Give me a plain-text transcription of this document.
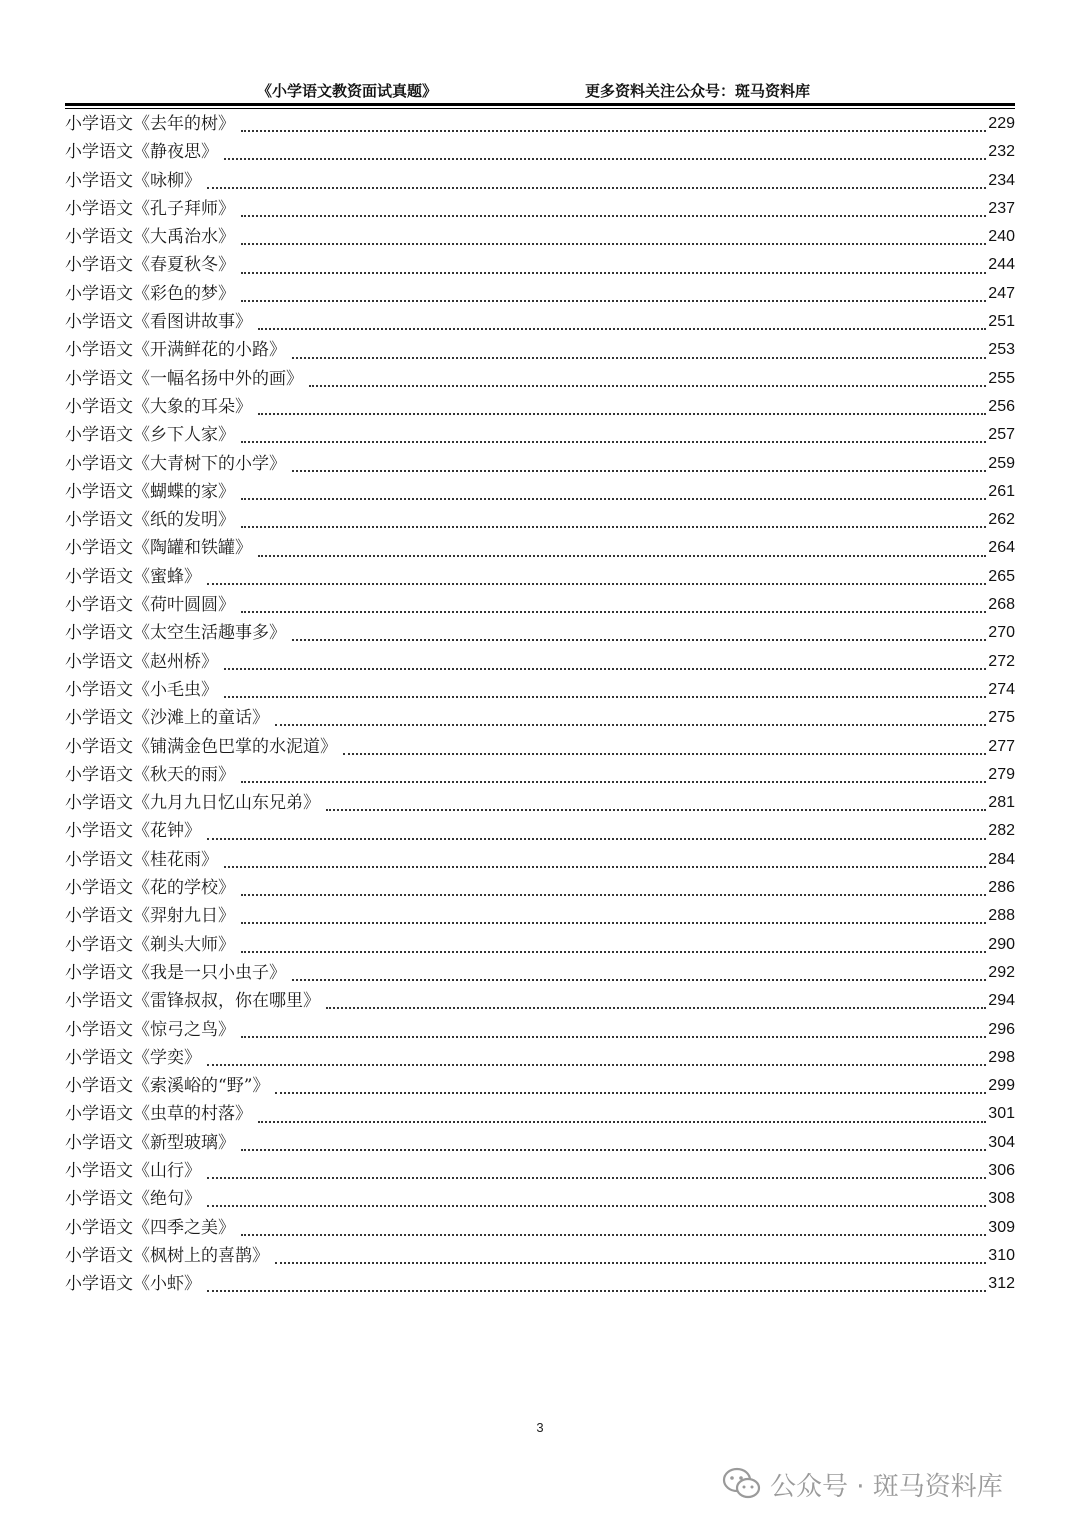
《小学语文教资面试真题》	更多资料关注公众号：斑马资料库
小学语文《去年的树》	229
小学语文《静夜思》	232
小学语文《咏柳》	234
小学语文《孔子拜师》	237
小学语文《大禹治水》	240
小学语文《春夏秋冬》	244
小学语文《彩色的梦》	247
小学语文《看图讲故事》	251
小学语文《开满鲜花的小路》	253
小学语文《一幅名扬中外的画》	255
小学语文《大象的耳朵》	256
小学语文《乡下人家》	257
小学语文《大青树下的小学》	259
小学语文《蝴蝶的家》	261
小学语文《纸的发明》	262
小学语文《陶罐和铁罐》	264
小学语文《蜜蜂》	265
小学语文《荷叶圆圆》	268
小学语文《太空生活趣事多》	270
小学语文《赵州桥》	272
小学语文《小毛虫》	274
小学语文《沙滩上的童话》	275
小学语文《铺满金色巴掌的水泥道》	277
小学语文《秋天的雨》	279
小学语文《九月九日忆山东兄弟》	281
小学语文《花钟》	282
小学语文《桂花雨》	284
小学语文《花的学校》	286
小学语文《羿射九日》	288
小学语文《剃头大师》	290
小学语文《我是一只小虫子》	292
小学语文《雷锋叔叔，你在哪里》	294
小学语文《惊弓之鸟》	296
小学语文《学奕》	298
小学语文《索溪峪的“野”》	299
小学语文《虫草的村落》	301
小学语文《新型玻璃》	304
小学语文《山行》	306
小学语文《绝句》	308
小学语文《四季之美》	309
小学语文《枫树上的喜鹊》	310
小学语文《小虾》	312
3
公众号 · 斑马资料库
